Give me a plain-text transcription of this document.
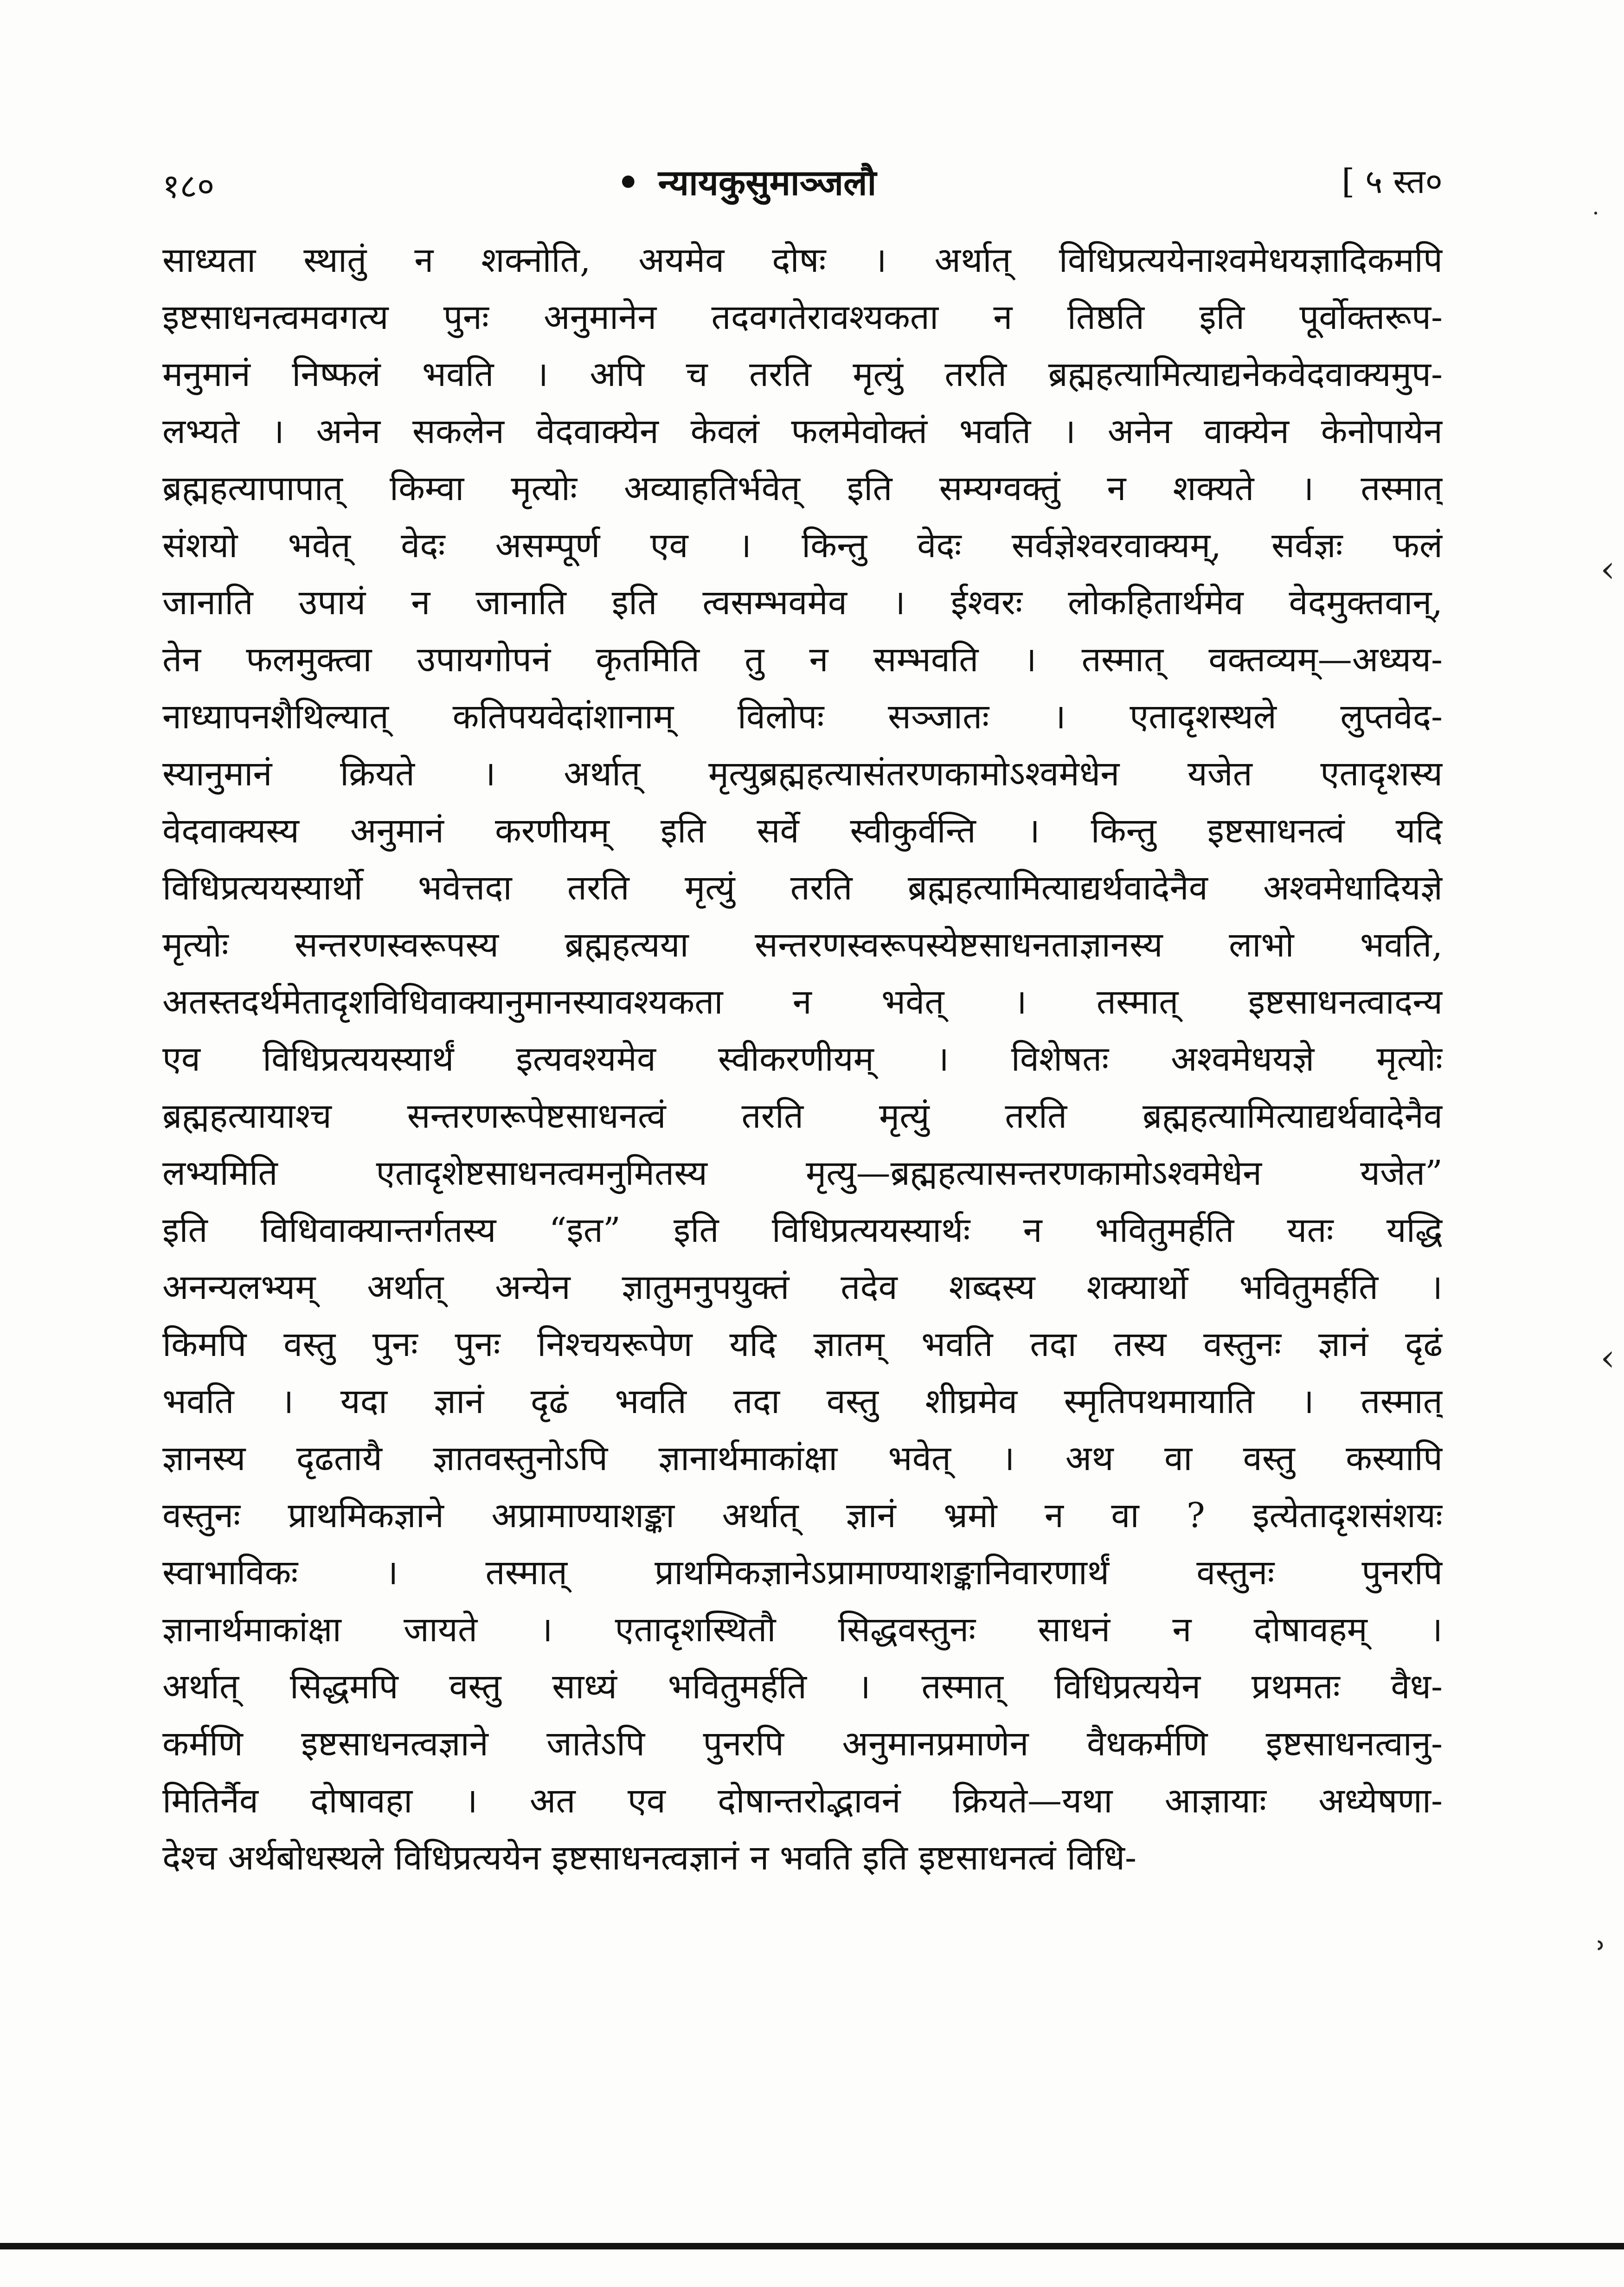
१८०
•	न्यायकुसुमाञ्जलौ	[ ५ स्त०
साध्यता स्थातुं न शक्नोति, अयमेव दोषः । अर्थात् विधिप्रत्ययेनाश्वमेधयज्ञादिकमपि
इष्टसाधनत्वमवगत्य पुनः अनुमानेन तदवगतेरावश्यकता न तिष्ठति इति पूर्वोक्तरूप-
मनुमानं निष्फलं भवति । अपि च तरति मृत्युं तरति ब्रह्महत्यामित्याद्यनेकवेदवाक्यमुप-
लभ्यते । अनेन सकलेन वेदवाक्येन केवलं फलमेवोक्तं भवति । अनेन वाक्येन केनोपायेन
ब्रह्महत्यापापात् किम्वा मृत्योः अव्याहतिर्भवेत् इति सम्यग्वक्तुं न शक्यते । तस्मात्
संशयो भवेत् वेदः असम्पूर्ण एव । किन्तु वेदः सर्वज्ञेश्वरवाक्यम्, सर्वज्ञः फलं
जानाति उपायं न जानाति इति त्वसम्भवमेव । ईश्वरः लोकहितार्थमेव वेदमुक्तवान्,
तेन फलमुक्त्वा उपायगोपनं कृतमिति तु न सम्भवति । तस्मात् वक्तव्यम्—अध्यय-
नाध्यापनशैथिल्यात् कतिपयवेदांशानाम् विलोपः सञ्जातः । एतादृशस्थले लुप्तवेद-
स्यानुमानं क्रियते । अर्थात् मृत्युब्रह्महत्यासंतरणकामोऽश्वमेधेन यजेत एतादृशस्य
वेदवाक्यस्य अनुमानं करणीयम् इति सर्वे स्वीकुर्वन्ति । किन्तु इष्टसाधनत्वं यदि
विधिप्रत्ययस्यार्थो भवेत्तदा तरति मृत्युं तरति ब्रह्महत्यामित्याद्यर्थवादेनैव अश्वमेधादियज्ञे
मृत्योः सन्तरणस्वरूपस्य ब्रह्महत्यया सन्तरणस्वरूपस्येष्टसाधनताज्ञानस्य लाभो भवति,
अतस्तदर्थमेतादृशविधिवाक्यानुमानस्यावश्यकता न भवेत् । तस्मात् इष्टसाधनत्वादन्य
एव विधिप्रत्ययस्यार्थं इत्यवश्यमेव स्वीकरणीयम् । विशेषतः अश्वमेधयज्ञे मृत्योः
ब्रह्महत्यायाश्च सन्तरणरूपेष्टसाधनत्वं तरति मृत्युं तरति ब्रह्महत्यामित्याद्यर्थवादेनैव
लभ्यमिति एतादृशेष्टसाधनत्वमनुमितस्य मृत्यु—ब्रह्महत्यासन्तरणकामोऽश्वमेधेन यजेत”
इति विधिवाक्यान्तर्गतस्य “इत” इति विधिप्रत्ययस्यार्थः न भवितुमर्हति यतः यद्धि
अनन्यलभ्यम् अर्थात् अन्येन ज्ञातुमनुपयुक्तं तदेव शब्दस्य शक्यार्थो भवितुमर्हति ।
किमपि वस्तु पुनः पुनः निश्चयरूपेण यदि ज्ञातम् भवति तदा तस्य वस्तुनः ज्ञानं दृढं
भवति । यदा ज्ञानं दृढं भवति तदा वस्तु शीघ्रमेव स्मृतिपथमायाति । तस्मात्
ज्ञानस्य दृढतायै ज्ञातवस्तुनोऽपि ज्ञानार्थमाकांक्षा भवेत् । अथ वा वस्तु कस्यापि
वस्तुनः प्राथमिकज्ञाने अप्रामाण्याशङ्का अर्थात् ज्ञानं भ्रमो न वा ? इत्येतादृशसंशयः
स्वाभाविकः । तस्मात् प्राथमिकज्ञानेऽप्रामाण्याशङ्कानिवारणार्थं वस्तुनः पुनरपि
ज्ञानार्थमाकांक्षा जायते । एतादृशस्थितौ सिद्धवस्तुनः साधनं न दोषावहम् ।
अर्थात् सिद्धमपि वस्तु साध्यं भवितुमर्हति । तस्मात् विधिप्रत्ययेन प्रथमतः वैध-
कर्मणि इष्टसाधनत्वज्ञाने जातेऽपि पुनरपि अनुमानप्रमाणेन वैधकर्मणि इष्टसाधनत्वानु-
मितिर्नैव दोषावहा । अत एव दोषान्तरोद्भावनं क्रियते—यथा आज्ञायाः अध्येषणा-
देश्च अर्थबोधस्थले विधिप्रत्ययेन इष्टसाधनत्वज्ञानं न भवति इति इष्टसाधनत्वं विधि-
‹
‹
˒
